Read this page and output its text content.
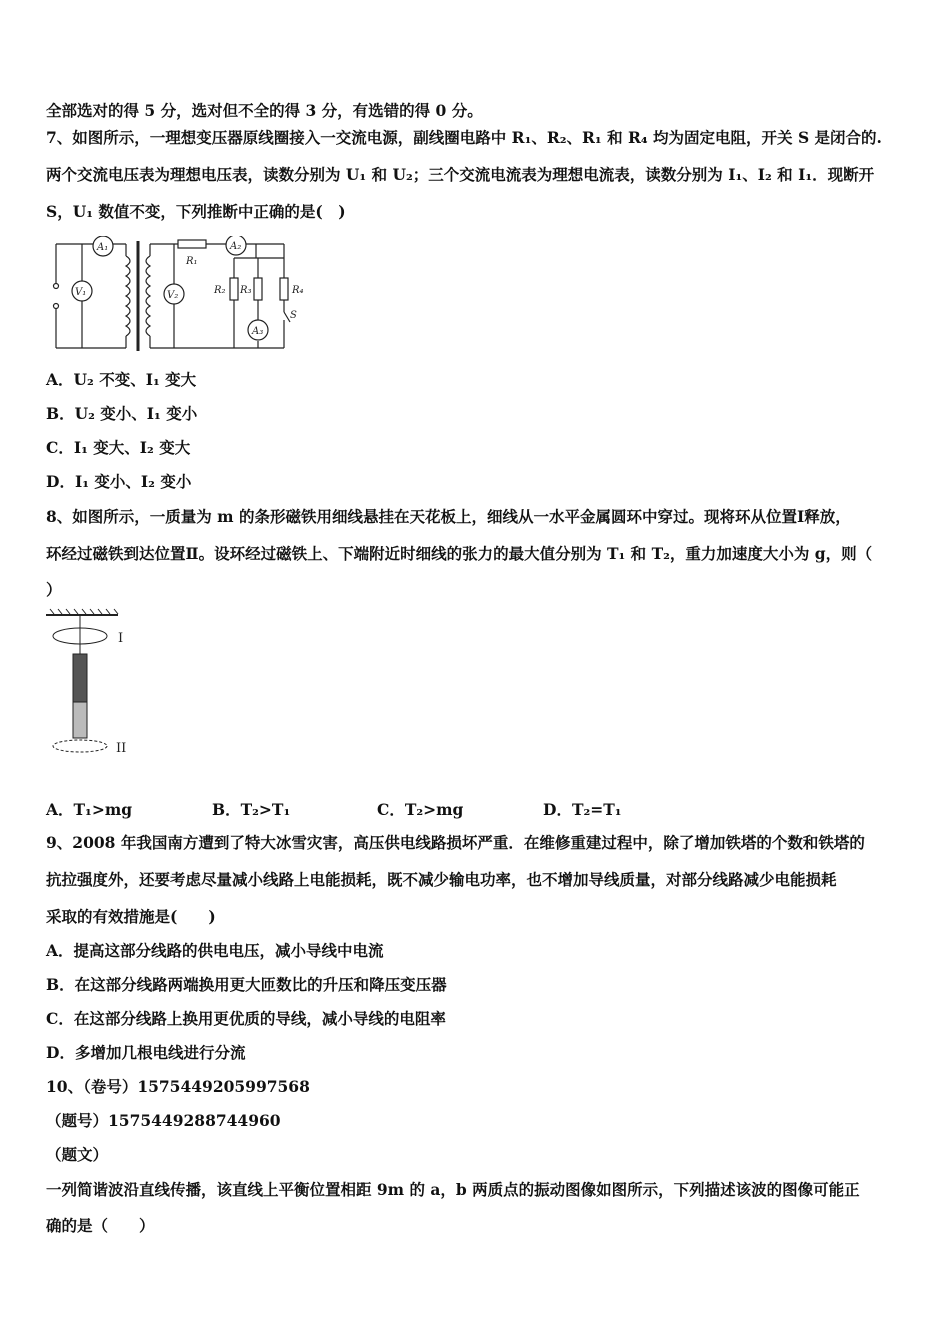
全部选对的得 5 分，选对但不全的得 3 分，有选错的得 0 分。
7、如图所示，一理想变压器原线圈接入一交流电源，副线圈电路中 R₁、R₂、R₁ 和 R₄ 均为固定电阻，开关 S 是闭合的.
两个交流电压表为理想电压表，读数分别为 U₁ 和 U₂；三个交流电流表为理想电流表，读数分别为 I₁、I₂ 和 I₁．现断开
S，U₁ 数值不变，下列推断中正确的是(　)
A₁	A₂
A₃
V₁	V₂
R₁
R₂ R₃	R₄
S
A．U₂ 不变、I₁ 变大
B．U₂ 变小、I₁ 变小
C．I₁ 变大、I₂ 变大
D．I₁ 变小、I₂ 变小
8、如图所示，一质量为 m 的条形磁铁用细线悬挂在天花板上，细线从一水平金属圆环中穿过。现将环从位置Ⅰ释放，
环经过磁铁到达位置Ⅱ。设环经过磁铁上、下端附近时细线的张力的最大值分别为 T₁ 和 T₂，重力加速度大小为 g，则（
）
I
II
A．T₁>mg	B．T₂>T₁	C．T₂>mg	D．T₂=T₁
9、2008 年我国南方遭到了特大冰雪灾害，高压供电线路损坏严重．在维修重建过程中，除了增加铁塔的个数和铁塔的
抗拉强度外，还要考虑尽量减小线路上电能损耗，既不减少输电功率，也不增加导线质量，对部分线路减少电能损耗
采取的有效措施是(　　)
A．提高这部分线路的供电电压，减小导线中电流
B．在这部分线路两端换用更大匝数比的升压和降压变压器
C．在这部分线路上换用更优质的导线，减小导线的电阻率
D．多增加几根电线进行分流
10、（卷号）1575449205997568
（题号）1575449288744960
（题文）
一列简谐波沿直线传播，该直线上平衡位置相距 9m 的 a，b 两质点的振动图像如图所示，下列描述该波的图像可能正
确的是（　　）
